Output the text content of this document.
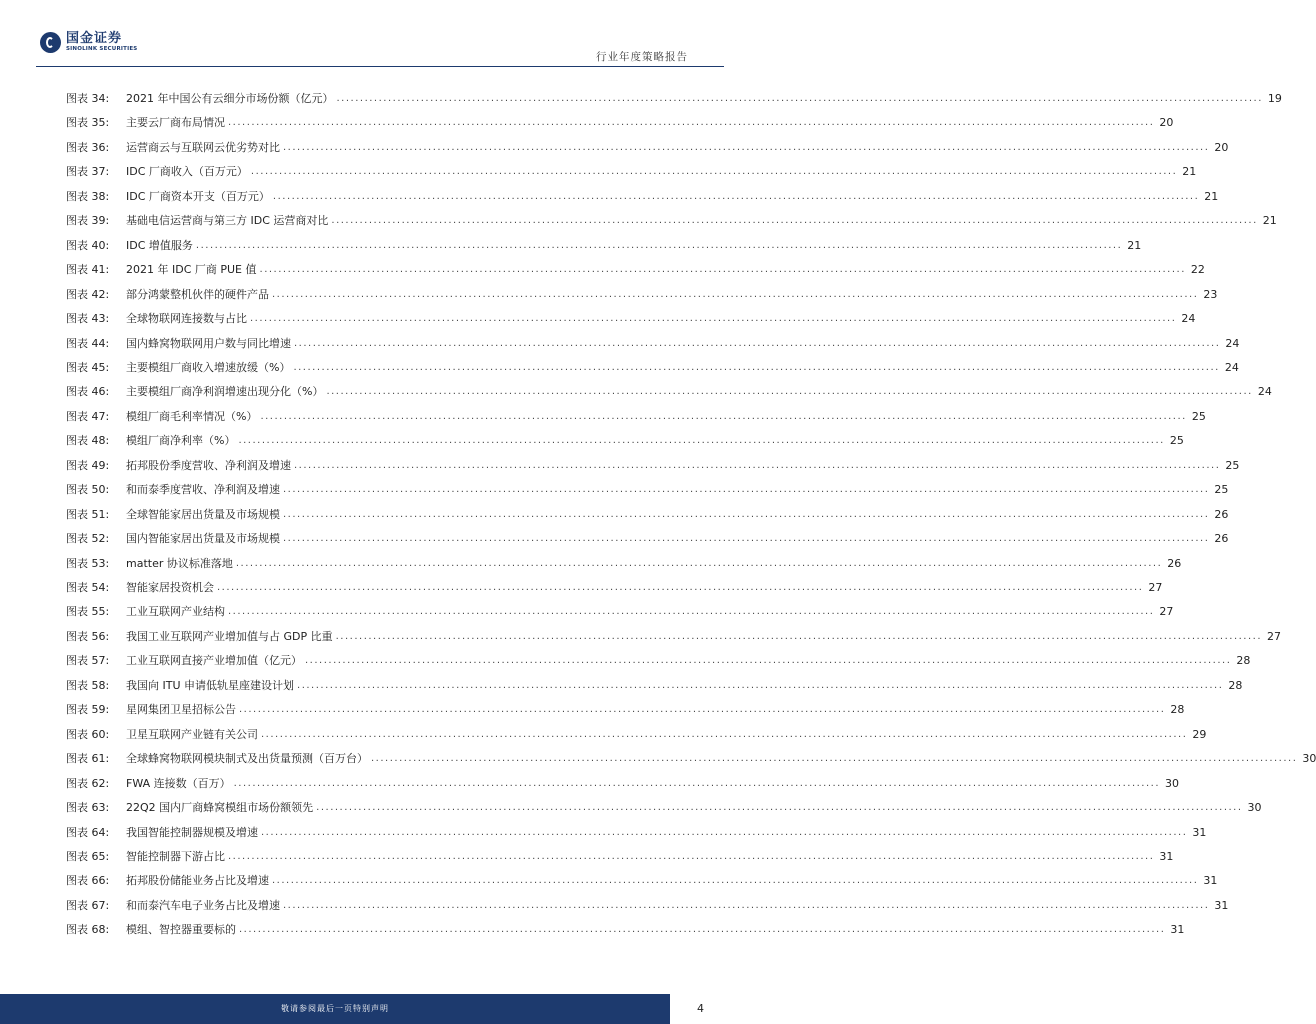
国金证券
SINOLINK SECURITIES
行业年度策略报告
图表 34:	2021 年中国公有云细分市场份额（亿元） .....	19
图表 35:	主要云厂商布局情况 .....	20
图表 36:	运营商云与互联网云优劣势对比 .....	20
图表 37:	IDC 厂商收入（百万元） .....	21
图表 38:	IDC 厂商资本开支（百万元） .....	21
图表 39:	基础电信运营商与第三方 IDC 运营商对比 .....	21
图表 40:	IDC 增值服务 .....	21
图表 41:	2021 年 IDC 厂商 PUE 值 .....	22
图表 42:	部分鸿蒙整机伙伴的硬件产品 .....	23
图表 43:	全球物联网连接数与占比 .....	24
图表 44:	国内蜂窝物联网用户数与同比增速 .....	24
图表 45:	主要模组厂商收入增速放缓（%） .....	24
图表 46:	主要模组厂商净利润增速出现分化（%） .....	24
图表 47:	模组厂商毛利率情况（%） .....	25
图表 48:	模组厂商净利率（%） .....	25
图表 49:	拓邦股份季度营收、净利润及增速 .....	25
图表 50:	和而泰季度营收、净利润及增速 .....	25
图表 51:	全球智能家居出货量及市场规模 .....	26
图表 52:	国内智能家居出货量及市场规模 .....	26
图表 53:	matter 协议标准落地 .....	26
图表 54:	智能家居投资机会 .....	27
图表 55:	工业互联网产业结构 .....	27
图表 56:	我国工业互联网产业增加值与占 GDP 比重 .....	27
图表 57:	工业互联网直接产业增加值（亿元） .....	28
图表 58:	我国向 ITU 申请低轨星座建设计划 .....	28
图表 59:	星网集团卫星招标公告 .....	28
图表 60:	卫星互联网产业链有关公司 .....	29
图表 61:	全球蜂窝物联网模块制式及出货量预测（百万台） .....	30
图表 62:	FWA 连接数（百万） .....	30
图表 63:	22Q2 国内厂商蜂窝模组市场份额领先 .....	30
图表 64:	我国智能控制器规模及增速 .....	31
图表 65:	智能控制器下游占比 .....	31
图表 66:	拓邦股份储能业务占比及增速 .....	31
图表 67:	和而泰汽车电子业务占比及增速 .....	31
图表 68:	模组、智控器重要标的 .....	31
敬请参阅最后一页特别声明	4
